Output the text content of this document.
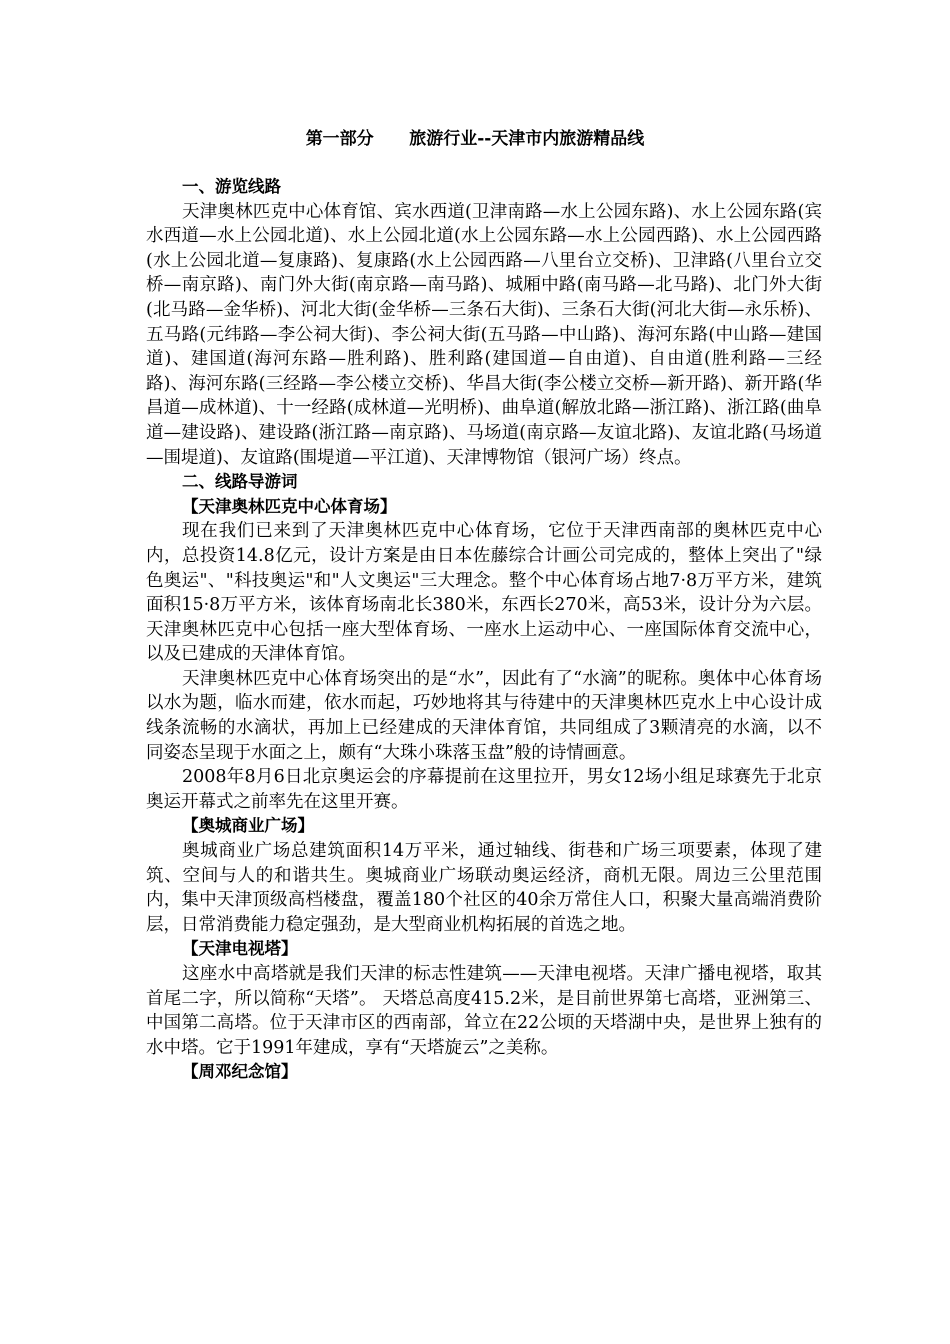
第一部分      旅游行业--天津市内旅游精品线
一、游览线路

天津奥林匹克中心体育馆、宾水西道(卫津南路—水上公园东路)、水上公园东路(宾水西道—水上公园北道)、水上公园北道(水上公园东路—水上公园西路)、水上公园西路(水上公园北道—复康路)、复康路(水上公园西路—八里台立交桥)、卫津路(八里台立交桥—南京路)、南门外大街(南京路—南马路)、城厢中路(南马路—北马路)、北门外大街(北马路—金华桥)、河北大街(金华桥—三条石大街)、三条石大街(河北大街—永乐桥)、五马路(元纬路—李公祠大街)、李公祠大街(五马路—中山路)、海河东路(中山路—建国道)、建国道(海河东路—胜利路)、胜利路(建国道—自由道)、自由道(胜利路—三经路)、海河东路(三经路—李公楼立交桥)、华昌大街(李公楼立交桥—新开路)、新开路(华昌道—成林道)、十一经路(成林道—光明桥)、曲阜道(解放北路—浙江路)、浙江路(曲阜道—建设路)、建设路(浙江路—南京路)、马场道(南京路—友谊北路)、友谊北路(马场道—围堤道)、友谊路(围堤道—平江道)、天津博物馆（银河广场）终点。

二、线路导游词
【天津奥林匹克中心体育场】

现在我们已来到了天津奥林匹克中心体育场，它位于天津西南部的奥林匹克中心内，总投资14.8亿元，设计方案是由日本佐藤综合计画公司完成的，整体上突出了"绿色奥运"、"科技奥运"和"人文奥运"三大理念。整个中心体育场占地7·8万平方米，建筑面积15·8万平方米，该体育场南北长380米，东西长270米，高53米，设计分为六层。天津奥林匹克中心包括一座大型体育场、一座水上运动中心、一座国际体育交流中心，以及已建成的天津体育馆。

天津奥林匹克中心体育场突出的是“水”，因此有了“水滴”的昵称。奥体中心体育场以水为题，临水而建，依水而起，巧妙地将其与待建中的天津奥林匹克水上中心设计成线条流畅的水滴状，再加上已经建成的天津体育馆，共同组成了3颗清亮的水滴，以不同姿态呈现于水面之上，颇有“大珠小珠落玉盘”般的诗情画意。

2008年8月6日北京奥运会的序幕提前在这里拉开，男女12场小组足球赛先于北京奥运开幕式之前率先在这里开赛。

【奥城商业广场】

奥城商业广场总建筑面积14万平米，通过轴线、街巷和广场三项要素，体现了建筑、空间与人的和谐共生。奥城商业广场联动奥运经济，商机无限。周边三公里范围内，集中天津顶级高档楼盘，覆盖180个社区的40余万常住人口，积聚大量高端消费阶层，日常消费能力稳定强劲，是大型商业机构拓展的首选之地。

【天津电视塔】

这座水中高塔就是我们天津的标志性建筑——天津电视塔。天津广播电视塔，取其首尾二字，所以简称“天塔”。 天塔总高度415.2米，是目前世界第七高塔，亚洲第三、中国第二高塔。位于天津市区的西南部，耸立在22公顷的天塔湖中央，是世界上独有的水中塔。它于1991年建成，享有“天塔旋云”之美称。

【周邓纪念馆】
